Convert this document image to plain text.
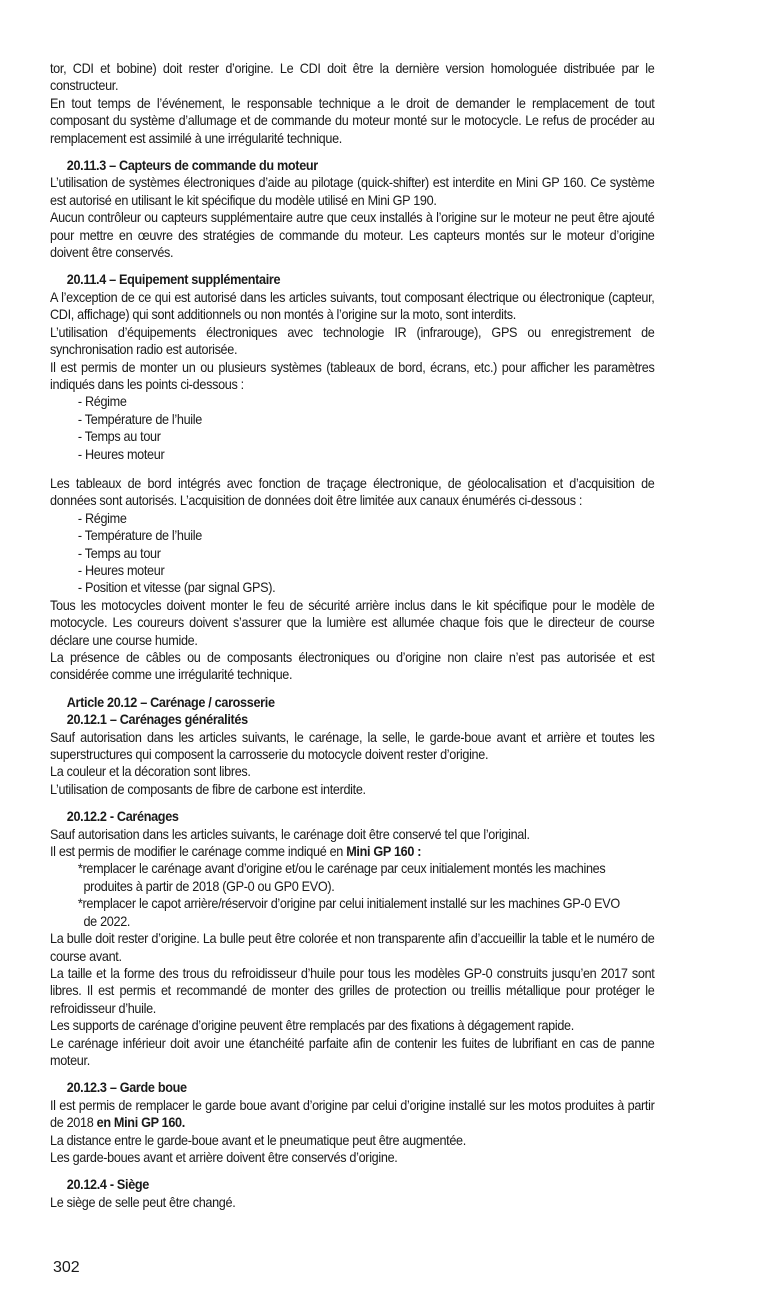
tor, CDI et bobine) doit rester d’origine. Le CDI doit être la dernière version homologuée distribuée par le constructeur.

En tout temps de l’événement, le responsable technique a le droit de demander le remplacement de tout composant du système d’allumage et de commande du moteur monté sur le motocycle. Le refus de procéder au remplacement est assimilé à une irrégularité technique.

20.11.3 – Capteurs de commande du moteur

L’utilisation de systèmes électroniques d’aide au pilotage (quick-shifter) est interdite en Mini GP 160. Ce système est autorisé en utilisant le kit spécifique du modèle utilisé en Mini GP 190.

Aucun contrôleur ou capteurs supplémentaire autre que ceux installés à l’origine sur le moteur ne peut être ajouté pour mettre en œuvre des stratégies de commande du moteur. Les capteurs montés sur le moteur d’origine doivent être conservés.

20.11.4 – Equipement supplémentaire

A l’exception de ce qui est autorisé dans les articles suivants, tout composant électrique ou électronique (capteur, CDI, affichage) qui sont additionnels ou non montés à l’origine sur la moto, sont interdits.

L’utilisation d’équipements électroniques avec technologie IR (infrarouge), GPS ou enregistrement de synchronisation radio est autorisée.

Il est permis de monter un ou plusieurs systèmes (tableaux de bord, écrans, etc.) pour afficher les paramètres indiqués dans les points ci-dessous :

- Régime

- Température de l’huile

- Temps au tour

- Heures moteur

Les tableaux de bord intégrés avec fonction de traçage électronique, de géolocalisation et d’acquisition de données sont autorisés. L’acquisition de données doit être limitée aux canaux énumérés ci-dessous :

- Régime

- Température de l’huile

- Temps au tour

- Heures moteur

- Position et vitesse (par signal GPS).

Tous les motocycles doivent monter le feu de sécurité arrière inclus dans le kit spécifique pour le modèle de motocycle. Les coureurs doivent s’assurer que la lumière est allumée chaque fois que le directeur de course déclare une course humide.

La présence de câbles ou de composants électroniques ou d’origine non claire n’est pas autorisée et est considérée comme une irrégularité technique.

Article 20.12 – Carénage / carosserie

20.12.1 – Carénages généralités

Sauf autorisation dans les articles suivants, le carénage, la selle, le garde-boue avant et arrière et toutes les superstructures qui composent la carrosserie du motocycle doivent rester d’origine.

La couleur et la décoration sont libres.

L’utilisation de composants de fibre de carbone est interdite.

20.12.2 - Carénages

Sauf autorisation dans les articles suivants, le carénage doit être conservé tel que l’original.

Il est permis de modifier le carénage comme indiqué en Mini GP 160 :

*remplacer le carénage avant d’origine et/ou le carénage par ceux initialement montés les machines
produites à partir de 2018 (GP-0 ou GP0 EVO).

*remplacer le capot arrière/réservoir d’origine par celui initialement installé sur les machines GP-0 EVO
de 2022.

La bulle doit rester d’origine. La bulle peut être colorée et non transparente afin d’accueillir la table et le numéro de course avant.

La taille et la forme des trous du refroidisseur d’huile pour tous les modèles GP-0 construits jusqu’en 2017 sont libres. Il est permis et recommandé de monter des grilles de protection ou treillis métallique pour protéger le refroidisseur d’huile.

Les supports de carénage d’origine peuvent être remplacés par des fixations à dégagement rapide.

Le carénage inférieur doit avoir une étanchéité parfaite afin de contenir les fuites de lubrifiant en cas de panne moteur.

20.12.3 – Garde boue

Il est permis de remplacer le garde boue avant d’origine par celui d’origine installé sur les motos produites à partir de 2018 en Mini GP 160.

La distance entre le garde-boue avant et le pneumatique peut être augmentée.

Les garde-boues avant et arrière doivent être conservés d’origine.

20.12.4 - Siège

Le siège de selle peut être changé.

302
